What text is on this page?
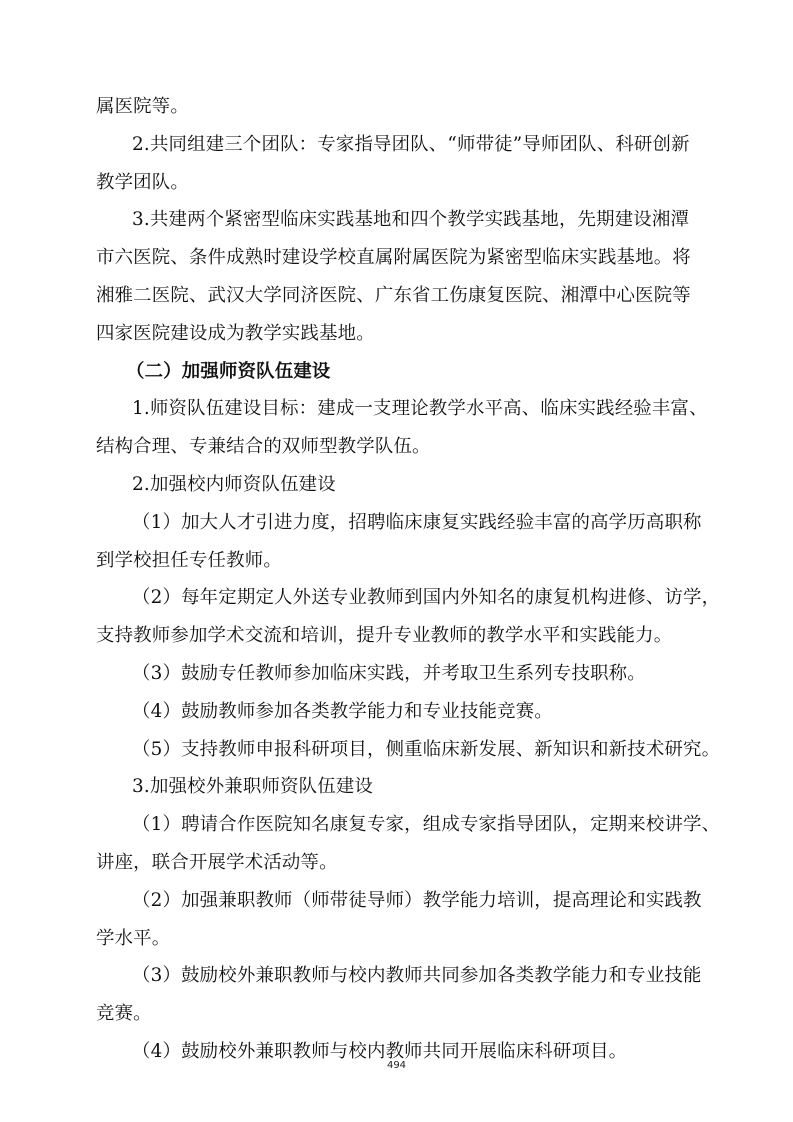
属医院等。
2.共同组建三个团队：专家指导团队、“师带徒”导师团队、科研创新
教学团队。
3.共建两个紧密型临床实践基地和四个教学实践基地，先期建设湘潭
市六医院、条件成熟时建设学校直属附属医院为紧密型临床实践基地。将
湘雅二医院、武汉大学同济医院、广东省工伤康复医院、湘潭中心医院等
四家医院建设成为教学实践基地。
（二）加强师资队伍建设
1.师资队伍建设目标：建成一支理论教学水平高、临床实践经验丰富、
结构合理、专兼结合的双师型教学队伍。
2.加强校内师资队伍建设
（1）加大人才引进力度，招聘临床康复实践经验丰富的高学历高职称
到学校担任专任教师。
（2）每年定期定人外送专业教师到国内外知名的康复机构进修、访学，
支持教师参加学术交流和培训，提升专业教师的教学水平和实践能力。
（3）鼓励专任教师参加临床实践，并考取卫生系列专技职称。
（4）鼓励教师参加各类教学能力和专业技能竞赛。
（5）支持教师申报科研项目，侧重临床新发展、新知识和新技术研究。
3.加强校外兼职师资队伍建设
（1）聘请合作医院知名康复专家，组成专家指导团队，定期来校讲学、
讲座，联合开展学术活动等。
（2）加强兼职教师（师带徒导师）教学能力培训，提高理论和实践教
学水平。
（3）鼓励校外兼职教师与校内教师共同参加各类教学能力和专业技能
竞赛。
（4）鼓励校外兼职教师与校内教师共同开展临床科研项目。
494
